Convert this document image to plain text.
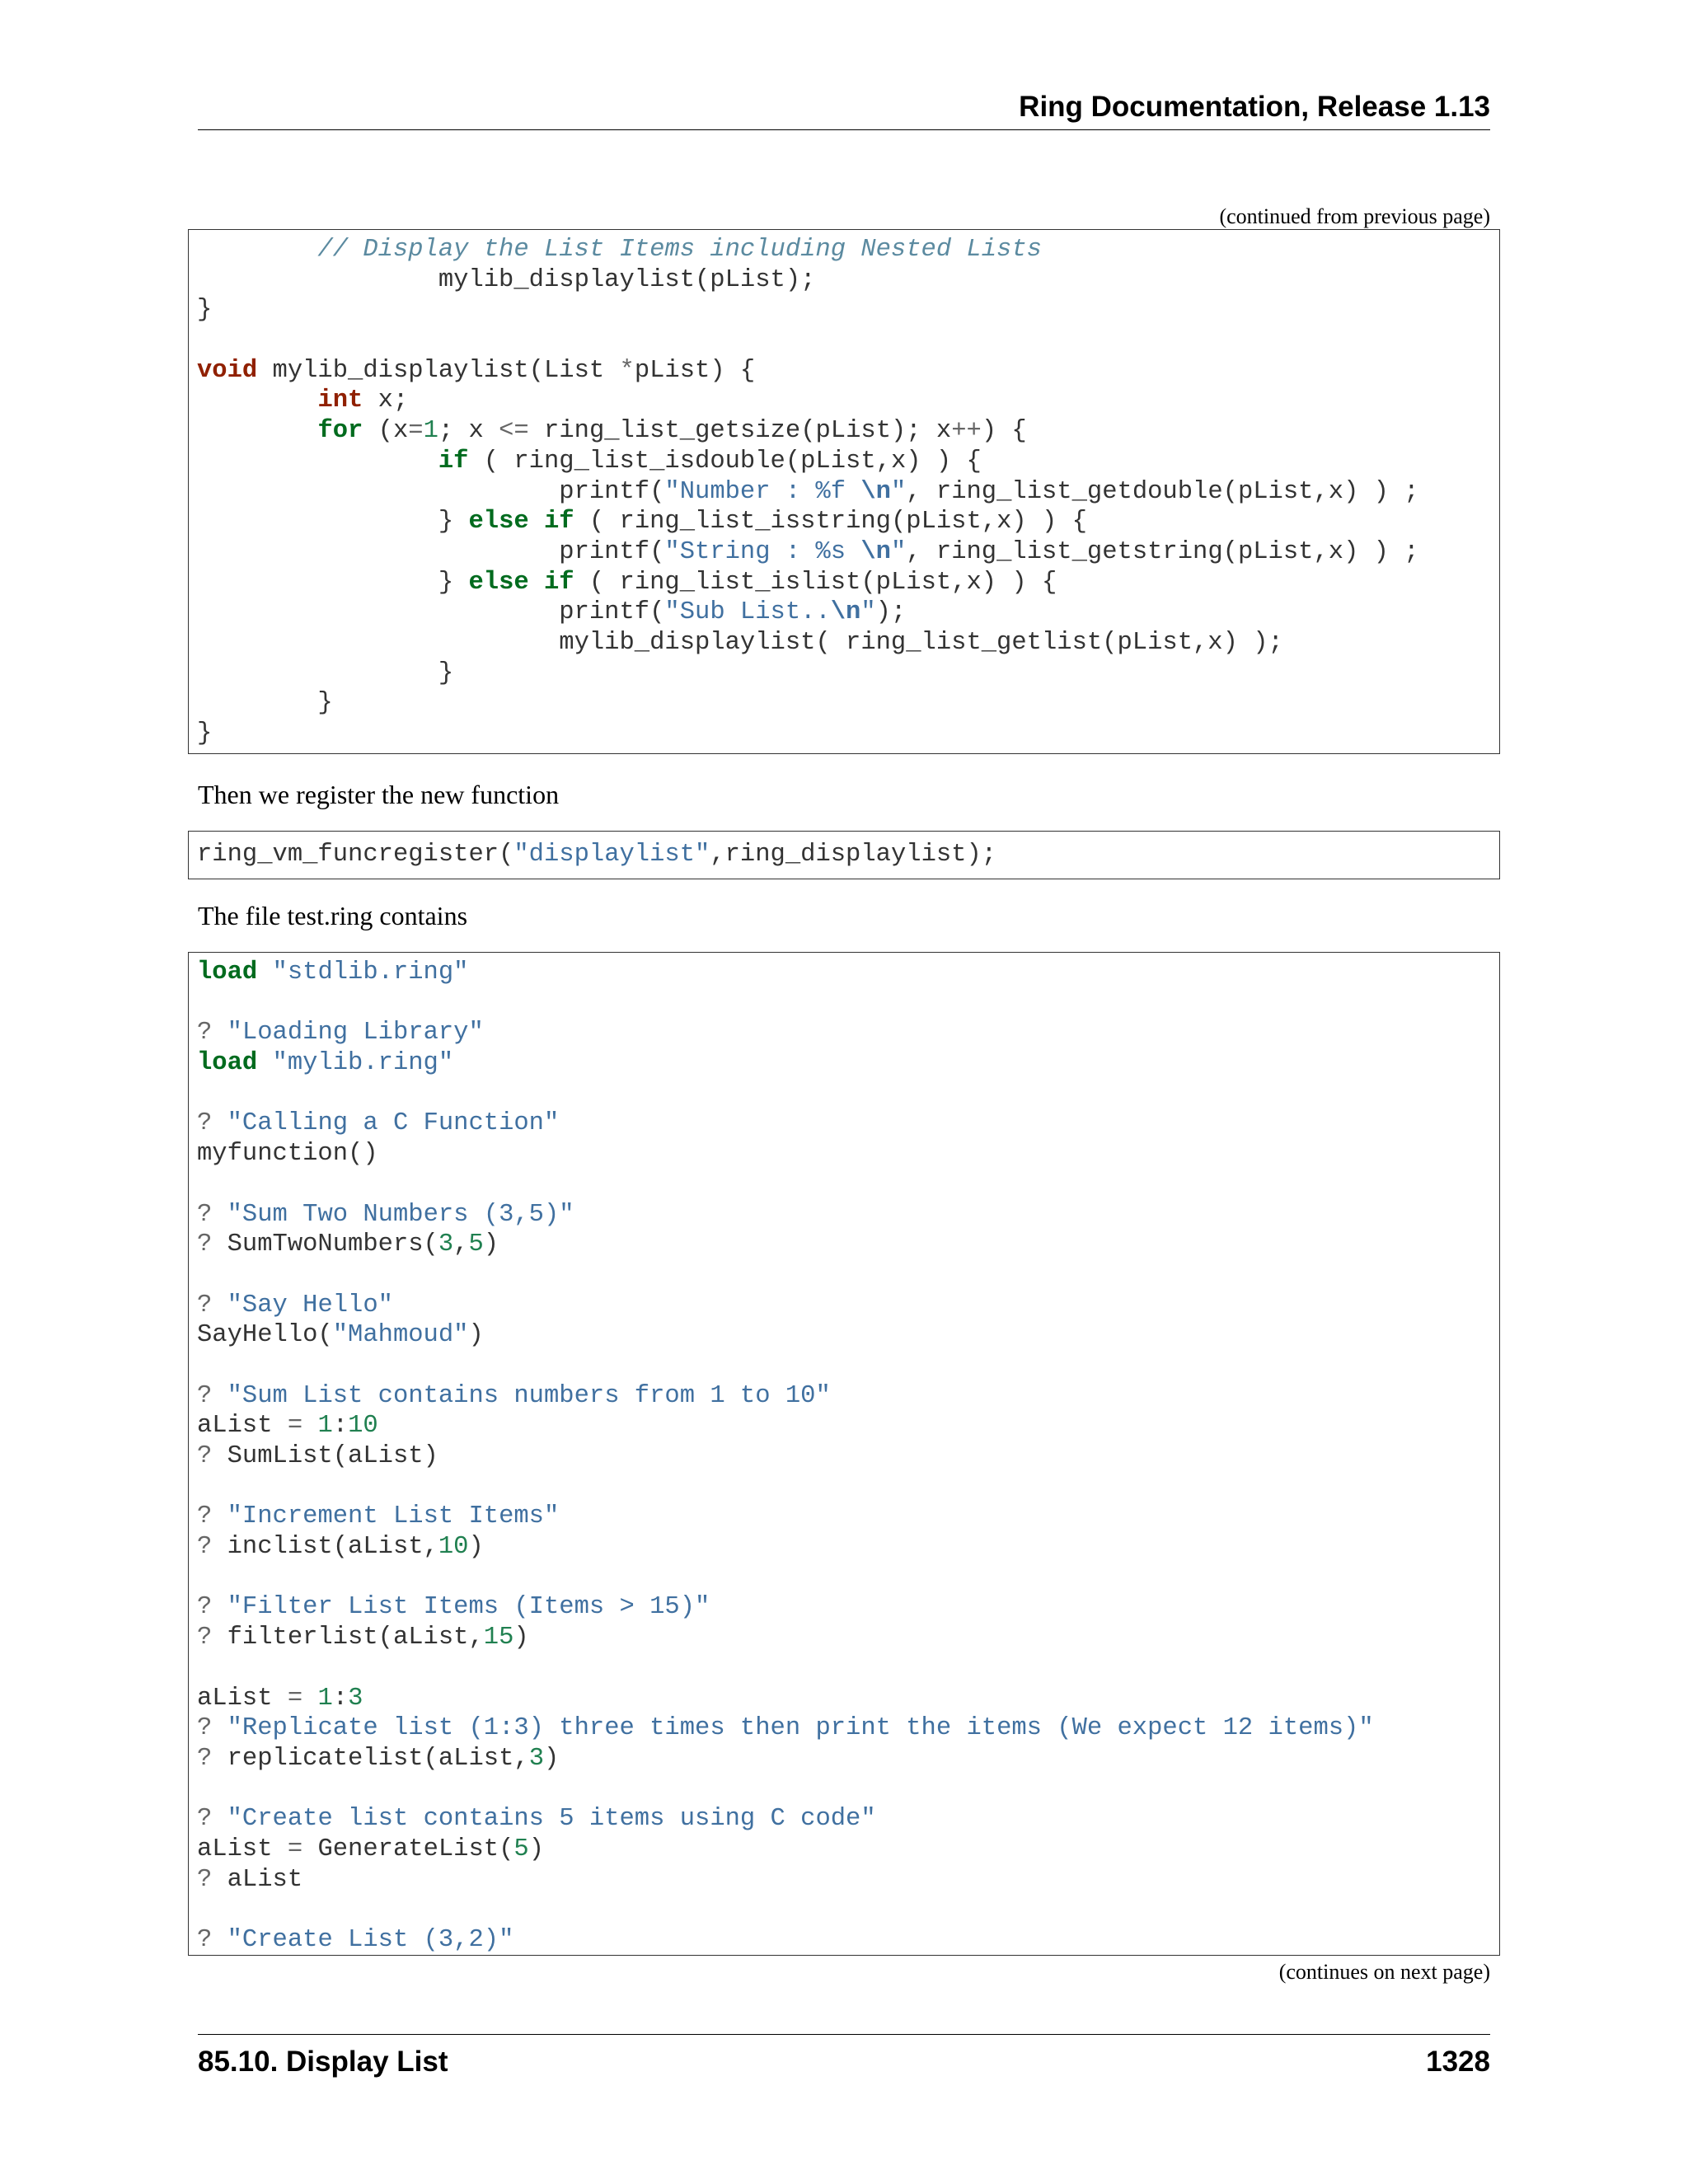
Ring Documentation, Release 1.13
(continued from previous page)
// Display the List Items including Nested Lists
mylib_displaylist(pList);
}
void mylib_displaylist(List *pList) {
int x;
for (x=1; x <= ring_list_getsize(pList); x++) {
if ( ring_list_isdouble(pList,x) ) {
printf("Number : %f \n", ring_list_getdouble(pList,x) ) ;
} else if ( ring_list_isstring(pList,x) ) {
printf("String : %s \n", ring_list_getstring(pList,x) ) ;
} else if ( ring_list_islist(pList,x) ) {
printf("Sub List..\n");
mylib_displaylist( ring_list_getlist(pList,x) );
}
}
}
Then we register the new function
ring_vm_funcregister("displaylist",ring_displaylist);
The file test.ring contains
load "stdlib.ring"
? "Loading Library"
load "mylib.ring"
? "Calling a C Function"
myfunction()
? "Sum Two Numbers (3,5)"
? SumTwoNumbers(3,5)
? "Say Hello"
SayHello("Mahmoud")
? "Sum List contains numbers from 1 to 10"
aList = 1:10
? SumList(aList)
? "Increment List Items"
? inclist(aList,10)
? "Filter List Items (Items > 15)"
? filterlist(aList,15)
aList = 1:3
? "Replicate list (1:3) three times then print the items (We expect 12 items)"
? replicatelist(aList,3)
? "Create list contains 5 items using C code"
aList = GenerateList(5)
? aList
? "Create List (3,2)"
(continues on next page)
85.10. Display List	1328
